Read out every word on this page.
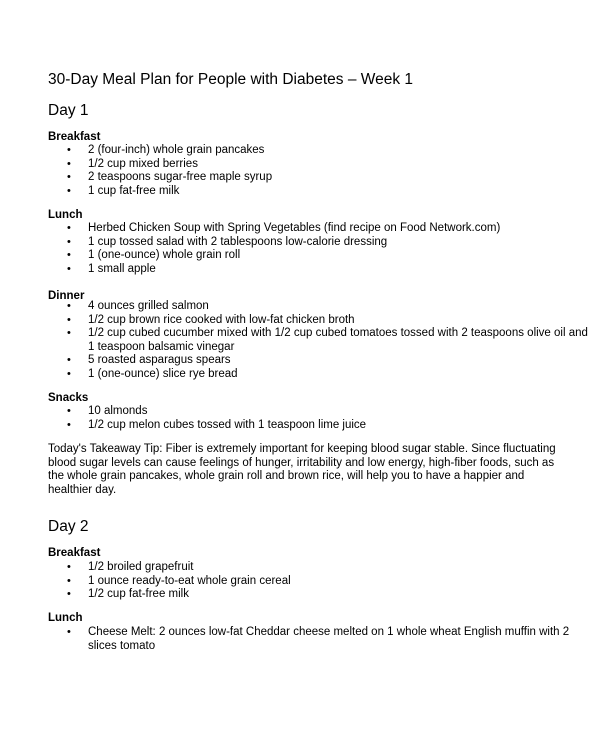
30-Day Meal Plan for People with Diabetes – Week 1
Day 1
Breakfast
• 2 (four-inch) whole grain pancakes
• 1/2 cup mixed berries
• 2 teaspoons sugar-free maple syrup
• 1 cup fat-free milk
Lunch
• Herbed Chicken Soup with Spring Vegetables (find recipe on Food Network.com)
• 1 cup tossed salad with 2 tablespoons low-calorie dressing
• 1 (one-ounce) whole grain roll
• 1 small apple
Dinner
• 4 ounces grilled salmon
• 1/2 cup brown rice cooked with low-fat chicken broth
• 1/2 cup cubed cucumber mixed with 1/2 cup cubed tomatoes tossed with 2 teaspoons olive oil and 1 teaspoon balsamic vinegar
• 5 roasted asparagus spears
• 1 (one-ounce) slice rye bread
Snacks
• 10 almonds
• 1/2 cup melon cubes tossed with 1 teaspoon lime juice
Today's Takeaway Tip: Fiber is extremely important for keeping blood sugar stable. Since fluctuating blood sugar levels can cause feelings of hunger, irritability and low energy, high-fiber foods, such as the whole grain pancakes, whole grain roll and brown rice, will help you to have a happier and healthier day.
Day 2
Breakfast
• 1/2 broiled grapefruit
• 1 ounce ready-to-eat whole grain cereal
• 1/2 cup fat-free milk
Lunch
• Cheese Melt: 2 ounces low-fat Cheddar cheese melted on 1 whole wheat English muffin with 2 slices tomato
